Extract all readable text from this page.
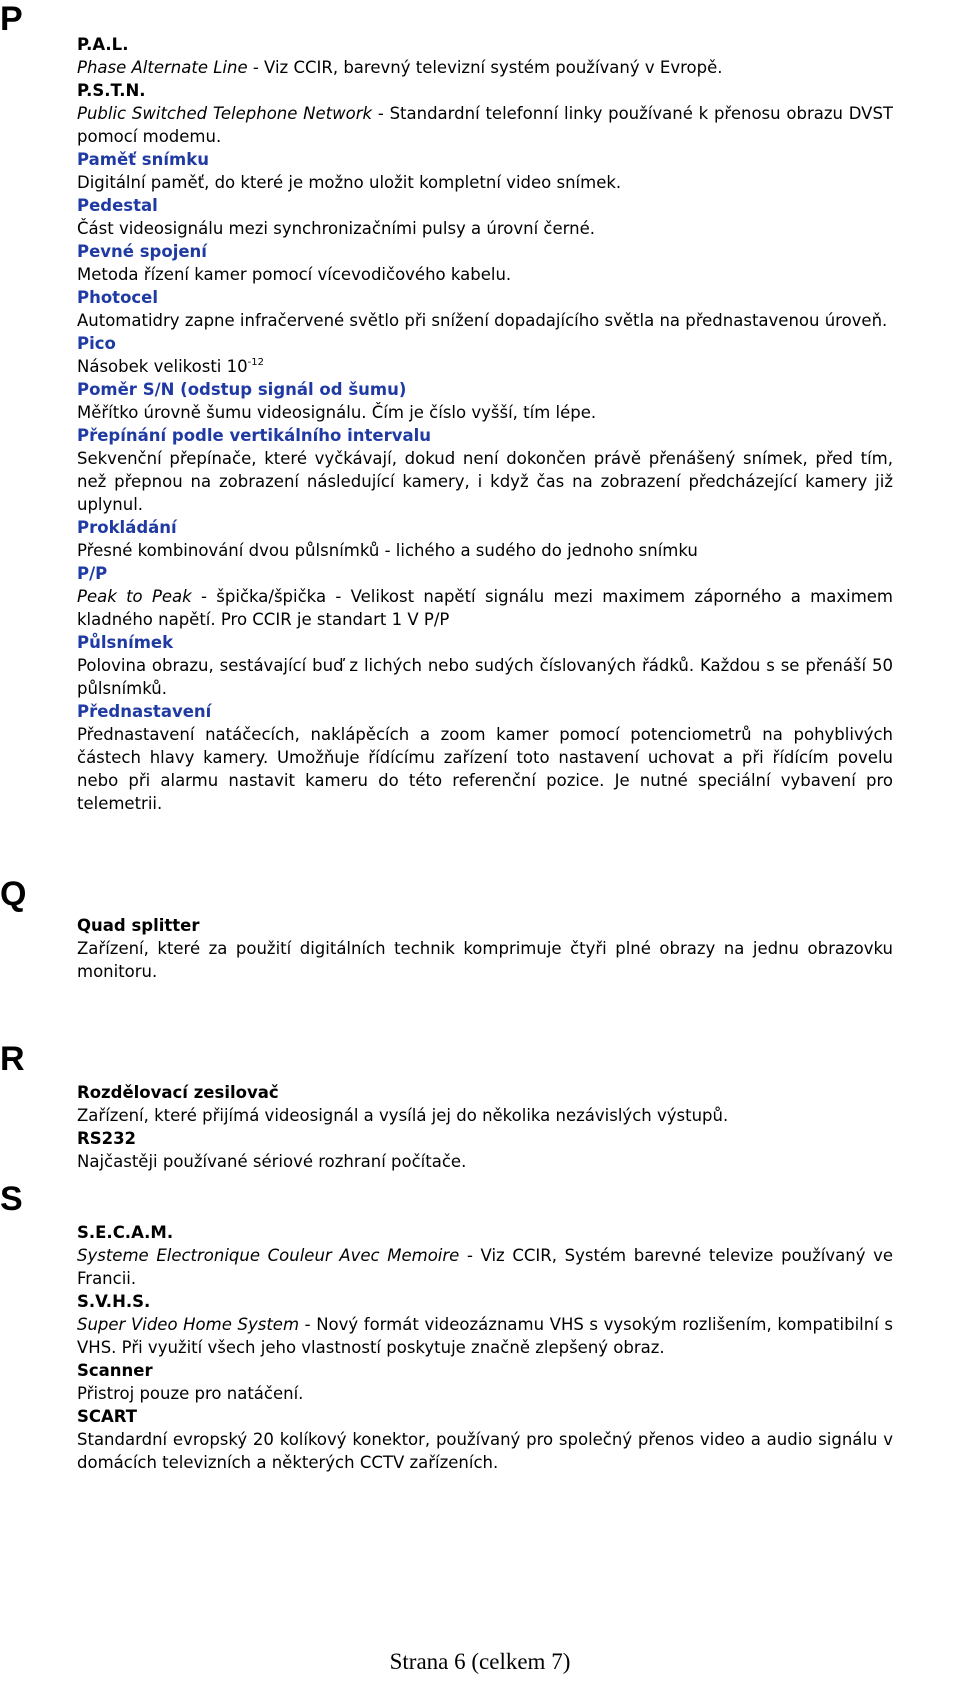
P
P.A.L.
Phase Alternate Line - Viz CCIR, barevný televizní systém používaný v Evropě.
P.S.T.N.
Public Switched Telephone Network - Standardní telefonní linky používané k přenosu obrazu DVST pomocí modemu.
Paměť snímku
Digitální paměť, do které je možno uložit kompletní video snímek.
Pedestal
Část videosignálu mezi synchronizačními pulsy a úrovní černé.
Pevné spojení
Metoda řízení kamer pomocí vícevodičového kabelu.
Photocel
Automatidry zapne infračervené světlo při snížení dopadajícího světla na přednastavenou úroveň.
Pico
Násobek velikosti $10^{-12}$
Poměr S/N (odstup signál od šumu)
Měřítko úrovně šumu videosignálu. Čím je číslo vyšší, tím lépe.
Přepínání podle vertikálního intervalu
Sekvenční přepínače, které vyčkávají, dokud není dokončen právě přenášený snímek, před tím, než přepnou na zobrazení následující kamery, i když čas na zobrazení předcházející kamery již uplynul.
Prokládání
Přesné kombinování dvou půlsnímků - lichého a sudého do jednoho snímku
P/P
Peak to Peak - špička/špička - Velikost napětí signálu mezi maximem záporného a maximem kladného napětí. Pro CCIR je standart 1 V P/P
Půlsnímek
Polovina obrazu, sestávající buď z lichých nebo sudých číslovaných řádků. Každou s se přenáší 50 půlsnímků.
Přednastavení
Přednastavení natáčecích, naklápěcích a zoom kamer pomocí potenciometrů na pohyblivých částech hlavy kamery. Umožňuje řídícímu zařízení toto nastavení uchovat a při řídícím povelu nebo při alarmu nastavit kameru do této referenční pozice. Je nutné speciální vybavení pro telemetrii.
Q
Quad splitter
Zařízení, které za použití digitálních technik komprimuje čtyři plné obrazy na jednu obrazovku monitoru.
R
Rozdělovací zesilovač
Zařízení, které přijímá videosignál a vysílá jej do několika nezávislých výstupů.
RS232
Najčastěji používané sériové rozhraní počítače.
S
S.E.C.A.M.
Systeme Electronique Couleur Avec Memoire - Viz CCIR, Systém barevné televize používaný ve Francii.
S.V.H.S.
Super Video Home System - Nový formát videozáznamu VHS s vysokým rozlišením, kompatibilní s VHS. Při využití všech jeho vlastností poskytuje značně zlepšený obraz.
Scanner
Přistroj pouze pro natáčení.
SCART
Standardní evropský 20 kolíkový konektor, používaný pro společný přenos video a audio signálu v domácích televizních a některých CCTV zařízeních.
Strana 6 (celkem 7)
